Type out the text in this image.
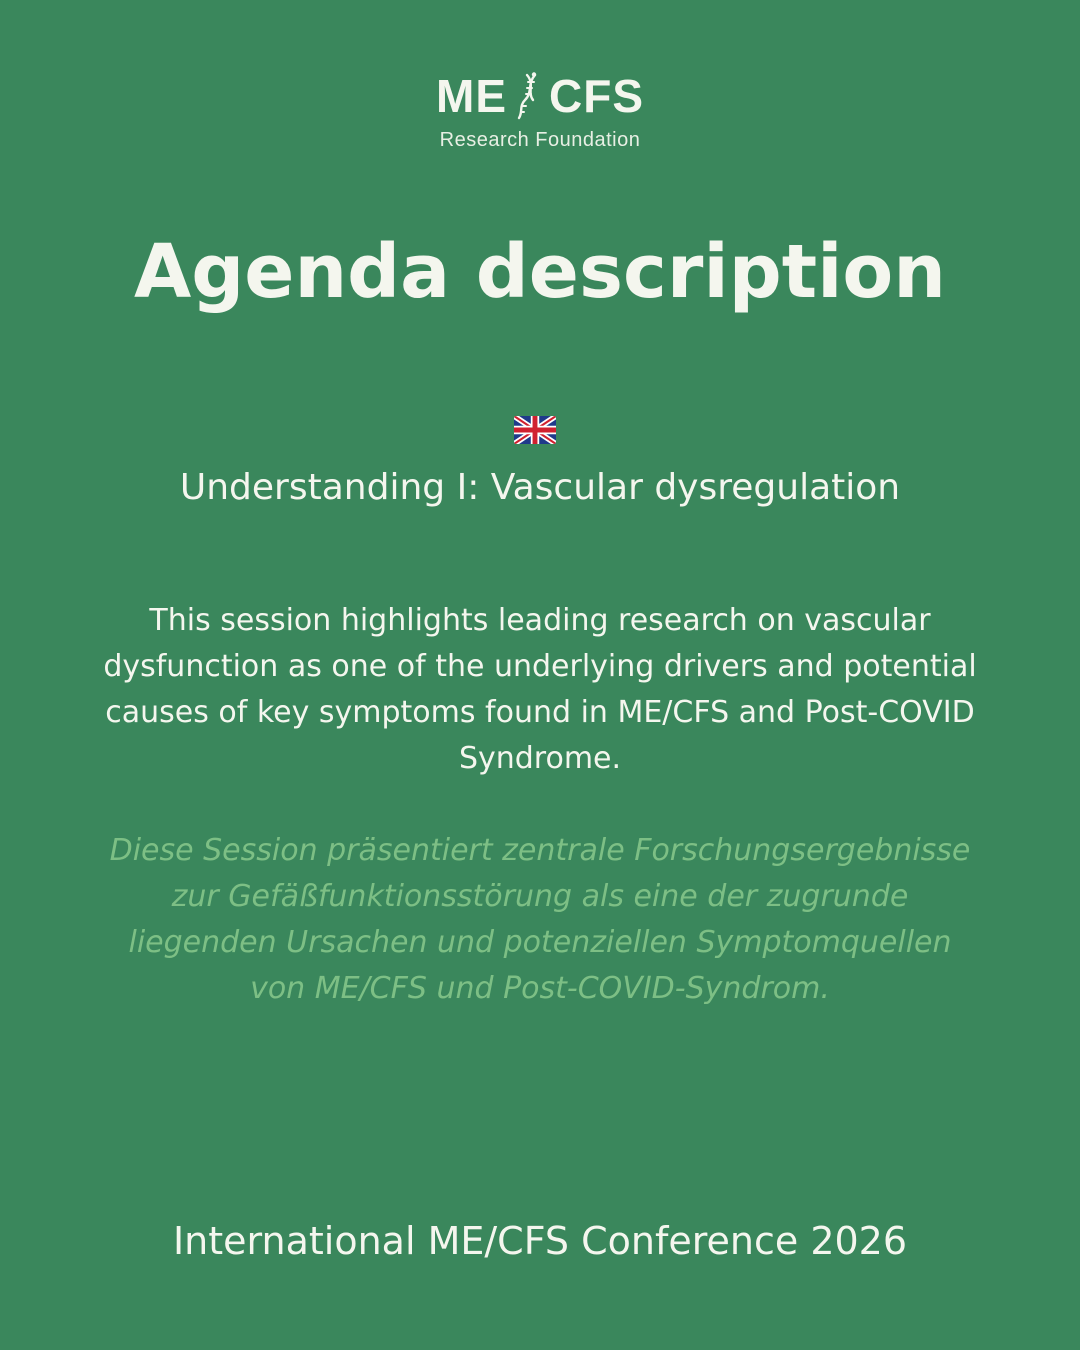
ME CFS
Research Foundation
Agenda description
Understanding I: Vascular dysregulation

This session highlights leading research on vascular dysfunction as one of the underlying drivers and potential causes of key symptoms found in ME/CFS and Post-COVID Syndrome.

Diese Session präsentiert zentrale Forschungsergebnisse zur Gefäßfunktionsstörung als eine der zugrunde liegenden Ursachen und potenziellen Symptomquellen von ME/CFS und Post-COVID-Syndrom.

International ME/CFS Conference 2026
